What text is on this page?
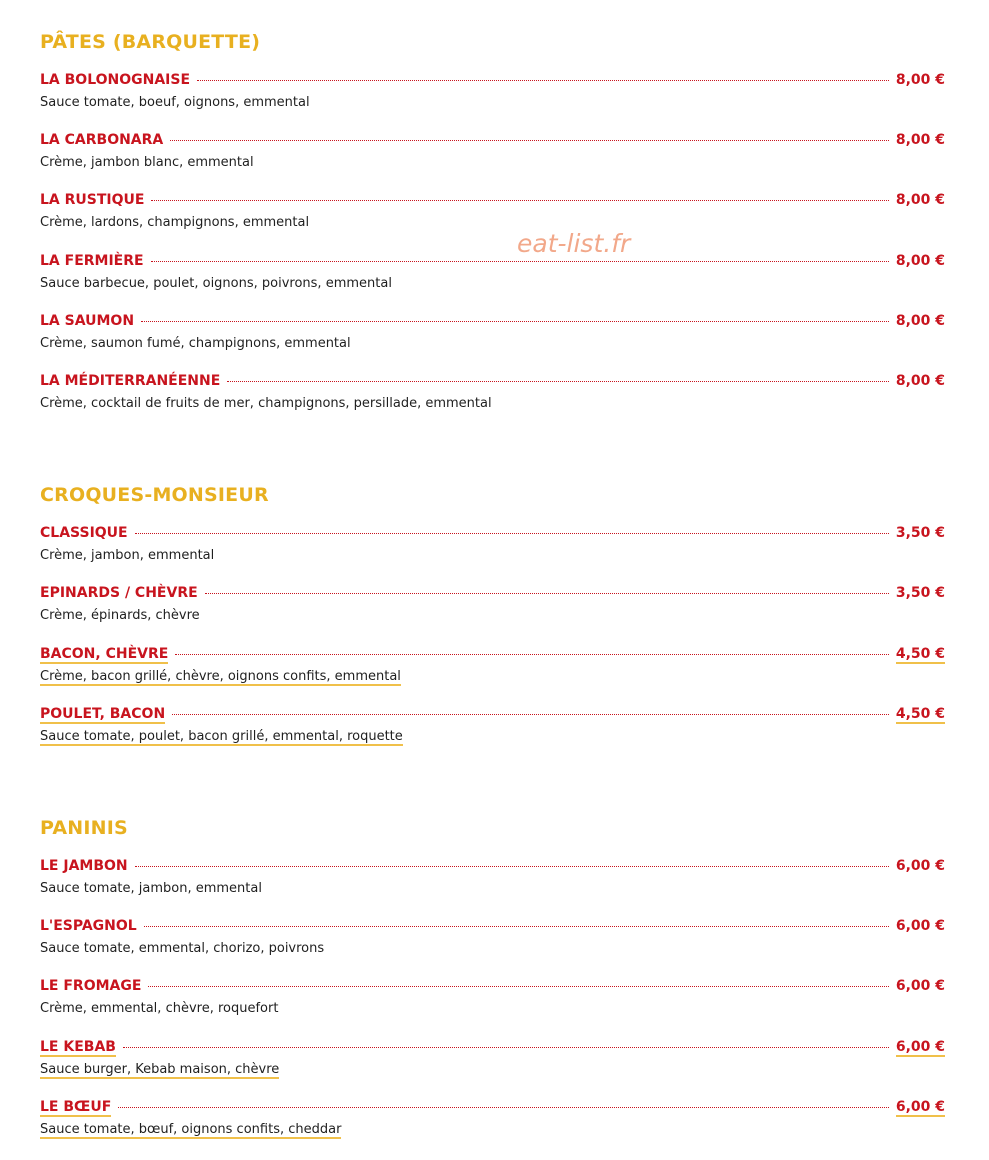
PÂTES (BARQUETTE)
LA BOLONOGNAISE	8,00 €
Sauce tomate, boeuf, oignons, emmental
LA CARBONARA	8,00 €
Crème, jambon blanc, emmental
LA RUSTIQUE	8,00 €
Crème, lardons, champignons, emmental
LA FERMIÈRE	8,00 €
Sauce barbecue, poulet, oignons, poivrons, emmental
LA SAUMON	8,00 €
Crème, saumon fumé, champignons, emmental
LA MÉDITERRANÉENNE	8,00 €
Crème, cocktail de fruits de mer, champignons, persillade, emmental
CROQUES-MONSIEUR
CLASSIQUE	3,50 €
Crème, jambon, emmental
EPINARDS / CHÈVRE	3,50 €
Crème, épinards, chèvre
BACON, CHÈVRE	4,50 €
Crème, bacon grillé, chèvre, oignons confits, emmental
POULET, BACON	4,50 €
Sauce tomate, poulet, bacon grillé, emmental, roquette
PANINIS
LE JAMBON	6,00 €
Sauce tomate, jambon, emmental
L'ESPAGNOL	6,00 €
Sauce tomate, emmental, chorizo, poivrons
LE FROMAGE	6,00 €
Crème, emmental, chèvre, roquefort
LE KEBAB	6,00 €
Sauce burger, Kebab maison, chèvre
LE BŒUF	6,00 €
Sauce tomate, bœuf, oignons confits, cheddar
eat-list.fr
